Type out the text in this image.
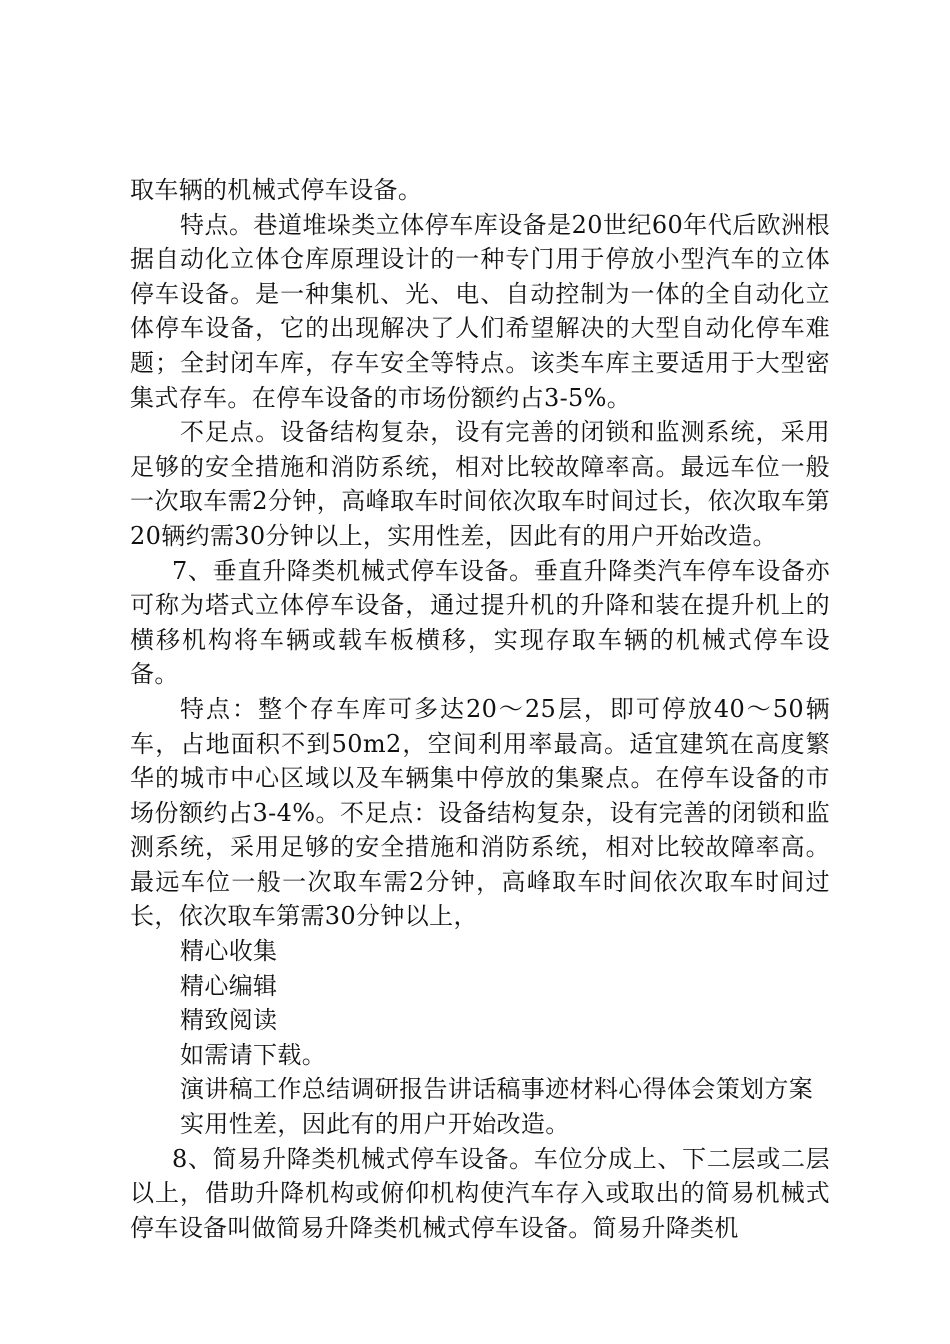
取车辆的机械式停车设备。

特点。巷道堆垛类立体停车库设备是20世纪60年代后欧洲根据自动化立体仓库原理设计的一种专门用于停放小型汽车的立体停车设备。是一种集机、光、电、自动控制为一体的全自动化立体停车设备，它的出现解决了人们希望解决的大型自动化停车难题；全封闭车库，存车安全等特点。该类车库主要适用于大型密集式存车。在停车设备的市场份额约占3-5%。

不足点。设备结构复杂，设有完善的闭锁和监测系统，采用足够的安全措施和消防系统，相对比较故障率高。最远车位一般一次取车需2分钟，高峰取车时间依次取车时间过长，依次取车第20辆约需30分钟以上，实用性差，因此有的用户开始改造。

7、垂直升降类机械式停车设备。垂直升降类汽车停车设备亦可称为塔式立体停车设备，通过提升机的升降和装在提升机上的横移机构将车辆或载车板横移，实现存取车辆的机械式停车设备。

特点：整个存车库可多达20～25层，即可停放40～50辆车，占地面积不到50m2，空间利用率最高。适宜建筑在高度繁华的城市中心区域以及车辆集中停放的集聚点。在停车设备的市场份额约占3-4%。不足点：设备结构复杂，设有完善的闭锁和监测系统，采用足够的安全措施和消防系统，相对比较故障率高。最远车位一般一次取车需2分钟，高峰取车时间依次取车时间过长，依次取车第需30分钟以上，

精心收集

精心编辑

精致阅读

如需请下载。

演讲稿工作总结调研报告讲话稿事迹材料心得体会策划方案

实用性差，因此有的用户开始改造。

8、简易升降类机械式停车设备。车位分成上、下二层或二层以上，借助升降机构或俯仰机构使汽车存入或取出的简易机械式停车设备叫做简易升降类机械式停车设备。简易升降类机
